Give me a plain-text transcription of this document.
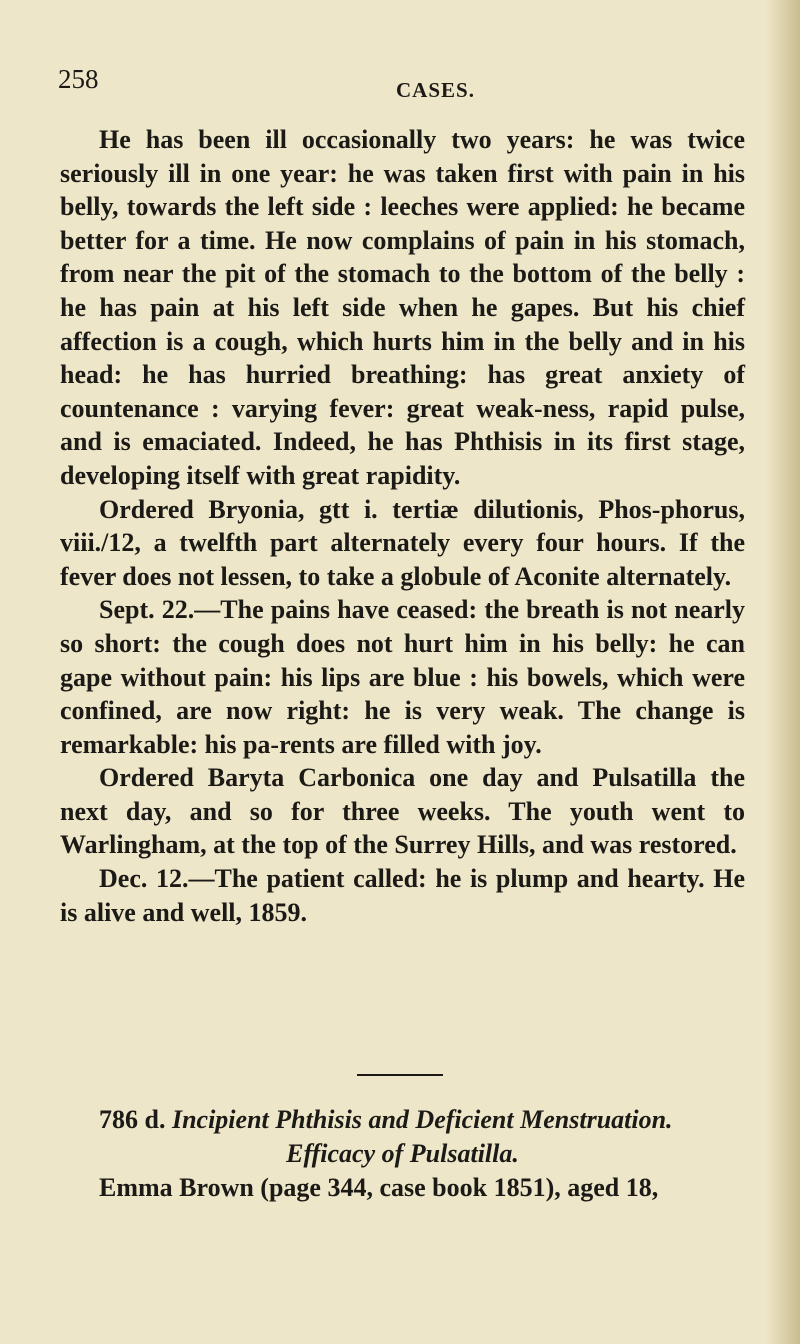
258	CASES.

He has been ill occasionally two years: he was twice seriously ill in one year: he was taken first with pain in his belly, towards the left side : leeches were applied: he became better for a time. He now complains of pain in his stomach, from near the pit of the stomach to the bottom of the belly : he has pain at his left side when he gapes. But his chief affection is a cough, which hurts him in the belly and in his head: he has hurried breathing: has great anxiety of countenance : varying fever: great weak-ness, rapid pulse, and is emaciated. Indeed, he has Phthisis in its first stage, developing itself with great rapidity.

Ordered Bryonia, gtt i. tertiæ dilutionis, Phos-phorus, viii./12, a twelfth part alternately every four hours. If the fever does not lessen, to take a globule of Aconite alternately.

Sept. 22.—The pains have ceased: the breath is not nearly so short: the cough does not hurt him in his belly: he can gape without pain: his lips are blue : his bowels, which were confined, are now right: he is very weak. The change is remarkable: his pa-rents are filled with joy.

Ordered Baryta Carbonica one day and Pulsatilla the next day, and so for three weeks. The youth went to Warlingham, at the top of the Surrey Hills, and was restored.

Dec. 12.—The patient called: he is plump and hearty. He is alive and well, 1859.

786 d. Incipient Phthisis and Deficient Menstruation.

Efficacy of Pulsatilla.

Emma Brown (page 344, case book 1851), aged 18,
